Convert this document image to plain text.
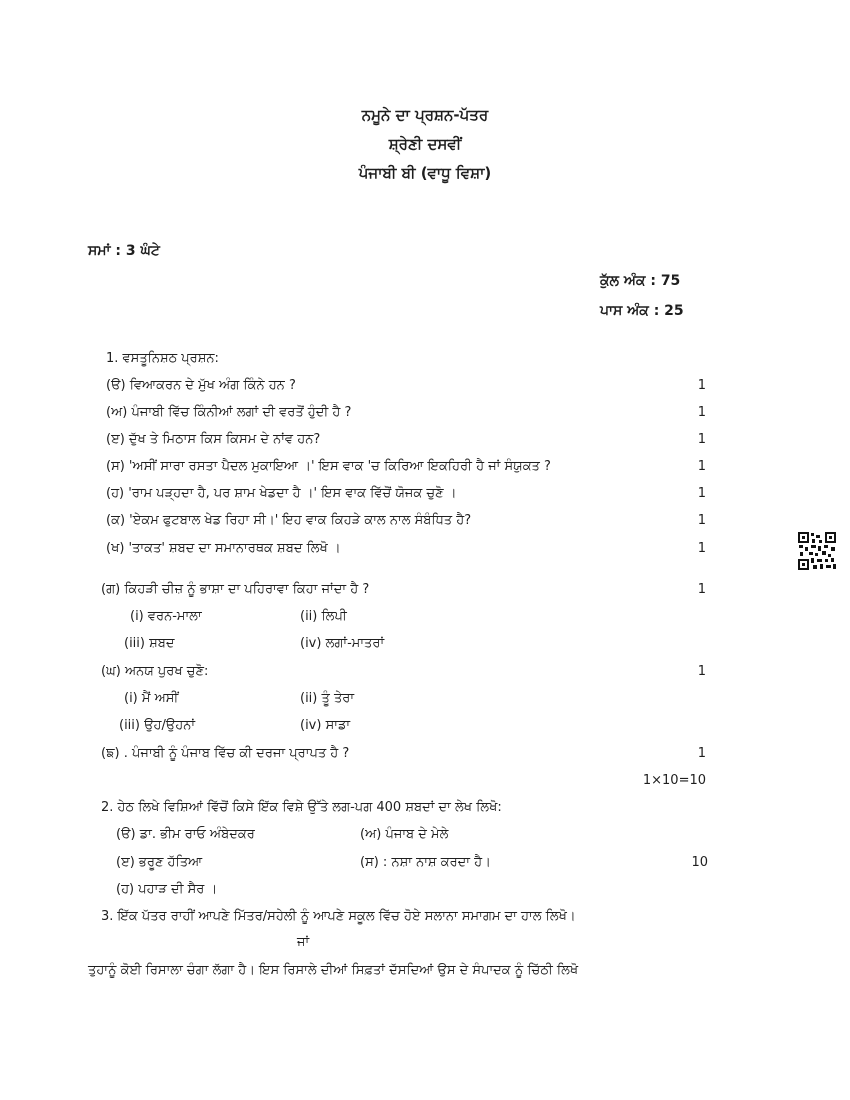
ਨਮੂਨੇ ਦਾ ਪ੍ਰਸ਼ਨ-ਪੱਤਰ
ਸ਼੍ਰੇਣੀ ਦਸਵੀਂ
ਪੰਜਾਬੀ ਬੀ (ਵਾਧੂ ਵਿਸ਼ਾ)
ਸਮਾਂ : 3 ਘੰਟੇ
ਕੁੱਲ ਅੰਕ : 75
ਪਾਸ ਅੰਕ : 25
1. ਵਸਤੂਨਿਸ਼ਠ ਪ੍ਰਸ਼ਨ:
(ੳ) ਵਿਆਕਰਨ ਦੇ ਮੁੱਖ ਅੰਗ ਕਿੰਨੇ ਹਨ ?	1
(ਅ) ਪੰਜਾਬੀ ਵਿੱਚ ਕਿੰਨੀਆਂ ਲਗਾਂ ਦੀ ਵਰਤੋਂ ਹੁੰਦੀ ਹੈ ?	1
(ੲ) ਦੁੱਖ ਤੇ ਮਿਠਾਸ ਕਿਸ ਕਿਸਮ ਦੇ ਨਾਂਵ ਹਨ?	1
(ਸ) 'ਅਸੀਂ ਸਾਰਾ ਰਸਤਾ ਪੈਦਲ ਮੁਕਾਇਆ ।' ਇਸ ਵਾਕ 'ਚ ਕਿਰਿਆ ਇਕਹਿਰੀ ਹੈ ਜਾਂ ਸੰਯੁਕਤ ?	1
(ਹ) 'ਰਾਮ ਪੜ੍ਹਦਾ ਹੈ, ਪਰ ਸ਼ਾਮ ਖੇਡਦਾ ਹੈ ।' ਇਸ ਵਾਕ ਵਿੱਚੋਂ ਯੋਜਕ ਚੁਣੋ ।	1
(ਕ) 'ਏਕਮ ਫੁਟਬਾਲ ਖੇਡ ਰਿਹਾ ਸੀ।' ਇਹ ਵਾਕ ਕਿਹੜੇ ਕਾਲ ਨਾਲ ਸੰਬੰਧਿਤ ਹੈ?	1
(ਖ) 'ਤਾਕਤ' ਸ਼ਬਦ ਦਾ ਸਮਾਨਾਰਥਕ ਸ਼ਬਦ ਲਿਖੋ ।	1
(ਗ) ਕਿਹੜੀ ਚੀਜ਼ ਨੂੰ ਭਾਸ਼ਾ ਦਾ ਪਹਿਰਾਵਾ ਕਿਹਾ ਜਾਂਦਾ ਹੈ ?	1
(i) ਵਰਨ-ਮਾਲਾ	(ii) ਲਿਪੀ
(iii) ਸ਼ਬਦ	(iv) ਲਗਾਂ-ਮਾਤਰਾਂ
(ਘ) ਅਨਯ ਪੁਰਖ ਚੁਣੋ:	1
(i) ਮੈਂ ਅਸੀਂ	(ii) ਤੂੰ ਤੇਰਾ
(iii) ਉਹ/ਉਹਨਾਂ	(iv) ਸਾਡਾ
(ਙ) . ਪੰਜਾਬੀ ਨੂੰ ਪੰਜਾਬ ਵਿੱਚ ਕੀ ਦਰਜਾ ਪ੍ਰਾਪਤ ਹੈ ?	1
1×10=10
2. ਹੇਠ ਲਿਖੇ ਵਿਸ਼ਿਆਂ ਵਿੱਚੋਂ ਕਿਸੇ ਇੱਕ ਵਿਸ਼ੇ ਉੱਤੇ ਲਗ-ਪਗ 400 ਸ਼ਬਦਾਂ ਦਾ ਲੇਖ ਲਿਖੋ:
(ੳ) ਡਾ. ਭੀਮ ਰਾਓ ਅੰਬੇਦਕਰ	(ਅ) ਪੰਜਾਬ ਦੇ ਮੇਲੇ
(ੲ) ਭਰੂਣ ਹੱਤਿਆ	(ਸ) : ਨਸ਼ਾ ਨਾਸ਼ ਕਰਦਾ ਹੈ।	10
(ਹ) ਪਹਾੜ ਦੀ ਸੈਰ ।
3. ਇੱਕ ਪੱਤਰ ਰਾਹੀਂ ਆਪਣੇ ਮਿੱਤਰ/ਸਹੇਲੀ ਨੂੰ ਆਪਣੇ ਸਕੂਲ ਵਿੱਚ ਹੋਏ ਸਲਾਨਾ ਸਮਾਗਮ ਦਾ ਹਾਲ ਲਿਖੋ।
ਜਾਂ
ਤੁਹਾਨੂੰ ਕੋਈ ਰਿਸਾਲਾ ਚੰਗਾ ਲੱਗਾ ਹੈ। ਇਸ ਰਿਸਾਲੇ ਦੀਆਂ ਸਿਫ਼ਤਾਂ ਦੱਸਦਿਆਂ ਉਸ ਦੇ ਸੰਪਾਦਕ ਨੂੰ ਚਿੱਠੀ ਲਿਖੋ
